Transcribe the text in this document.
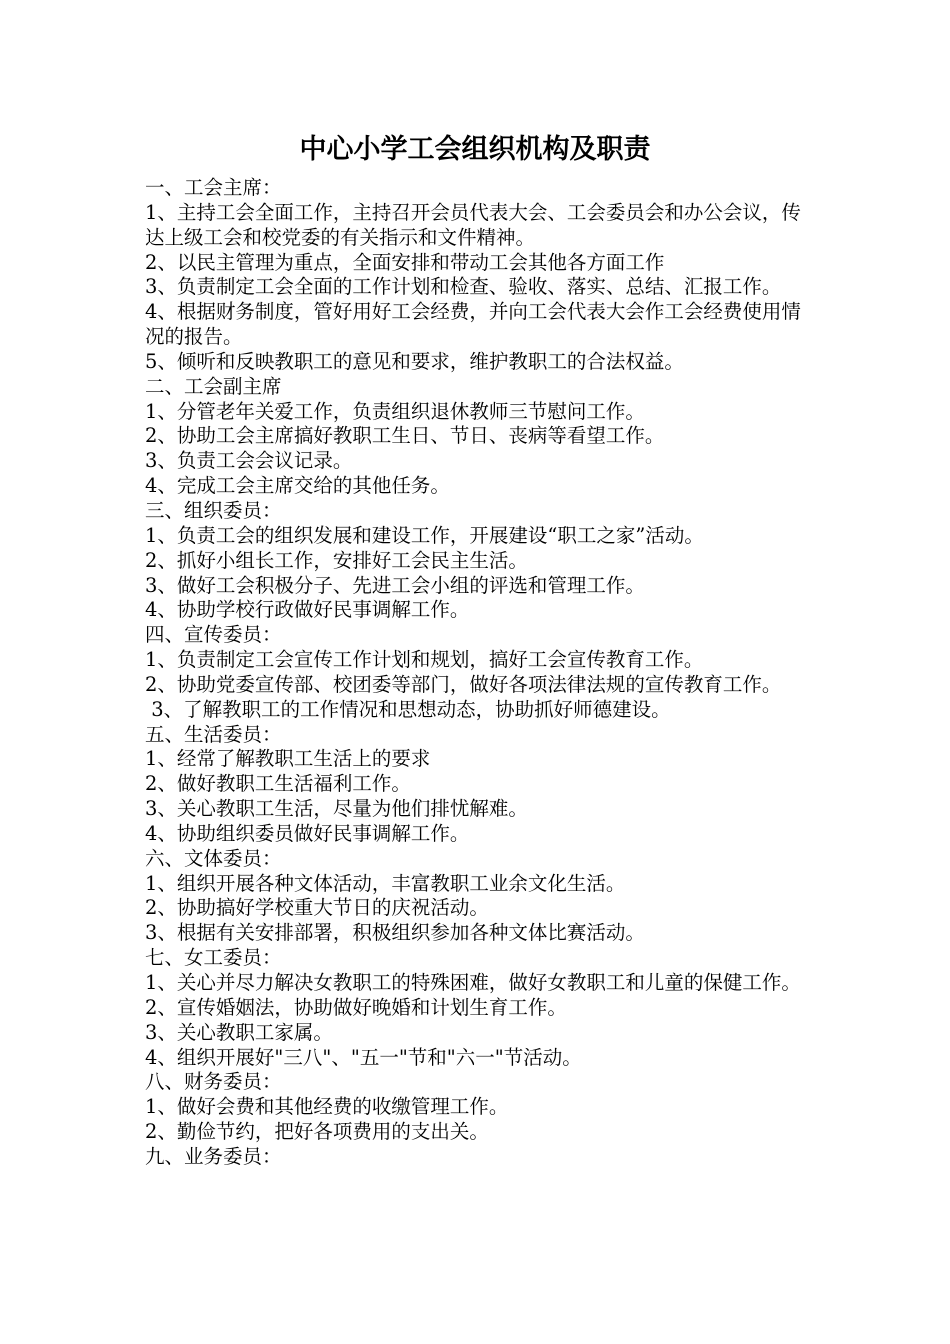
中心小学工会组织机构及职责
一、工会主席：
1、主持工会全面工作，主持召开会员代表大会、工会委员会和办公会议，传达上级工会和校党委的有关指示和文件精神。
2、以民主管理为重点，全面安排和带动工会其他各方面工作
3、负责制定工会全面的工作计划和检查、验收、落实、总结、汇报工作。
4、根据财务制度，管好用好工会经费，并向工会代表大会作工会经费使用情况的报告。
5、倾听和反映教职工的意见和要求，维护教职工的合法权益。
二、工会副主席
1、分管老年关爱工作，负责组织退休教师三节慰问工作。
2、协助工会主席搞好教职工生日、节日、丧病等看望工作。
3、负责工会会议记录。
4、完成工会主席交给的其他任务。
三、组织委员：
1、负责工会的组织发展和建设工作，开展建设“职工之家”活动。
2、抓好小组长工作，安排好工会民主生活。
3、做好工会积极分子、先进工会小组的评选和管理工作。
4、协助学校行政做好民事调解工作。
四、宣传委员：
1、负责制定工会宣传工作计划和规划，搞好工会宣传教育工作。
2、协助党委宣传部、校团委等部门，做好各项法律法规的宣传教育工作。
3、了解教职工的工作情况和思想动态，协助抓好师德建设。
五、生活委员：
1、经常了解教职工生活上的要求
2、做好教职工生活福利工作。
3、关心教职工生活，尽量为他们排忧解难。
4、协助组织委员做好民事调解工作。
六、文体委员：
1、组织开展各种文体活动，丰富教职工业余文化生活。
2、协助搞好学校重大节日的庆祝活动。
3、根据有关安排部署，积极组织参加各种文体比赛活动。
七、女工委员：
1、关心并尽力解决女教职工的特殊困难，做好女教职工和儿童的保健工作。
2、宣传婚姻法，协助做好晚婚和计划生育工作。
3、关心教职工家属。
4、组织开展好"三八"、"五一"节和"六一"节活动。
八、财务委员：
1、做好会费和其他经费的收缴管理工作。
2、勤俭节约，把好各项费用的支出关。
九、业务委员：
